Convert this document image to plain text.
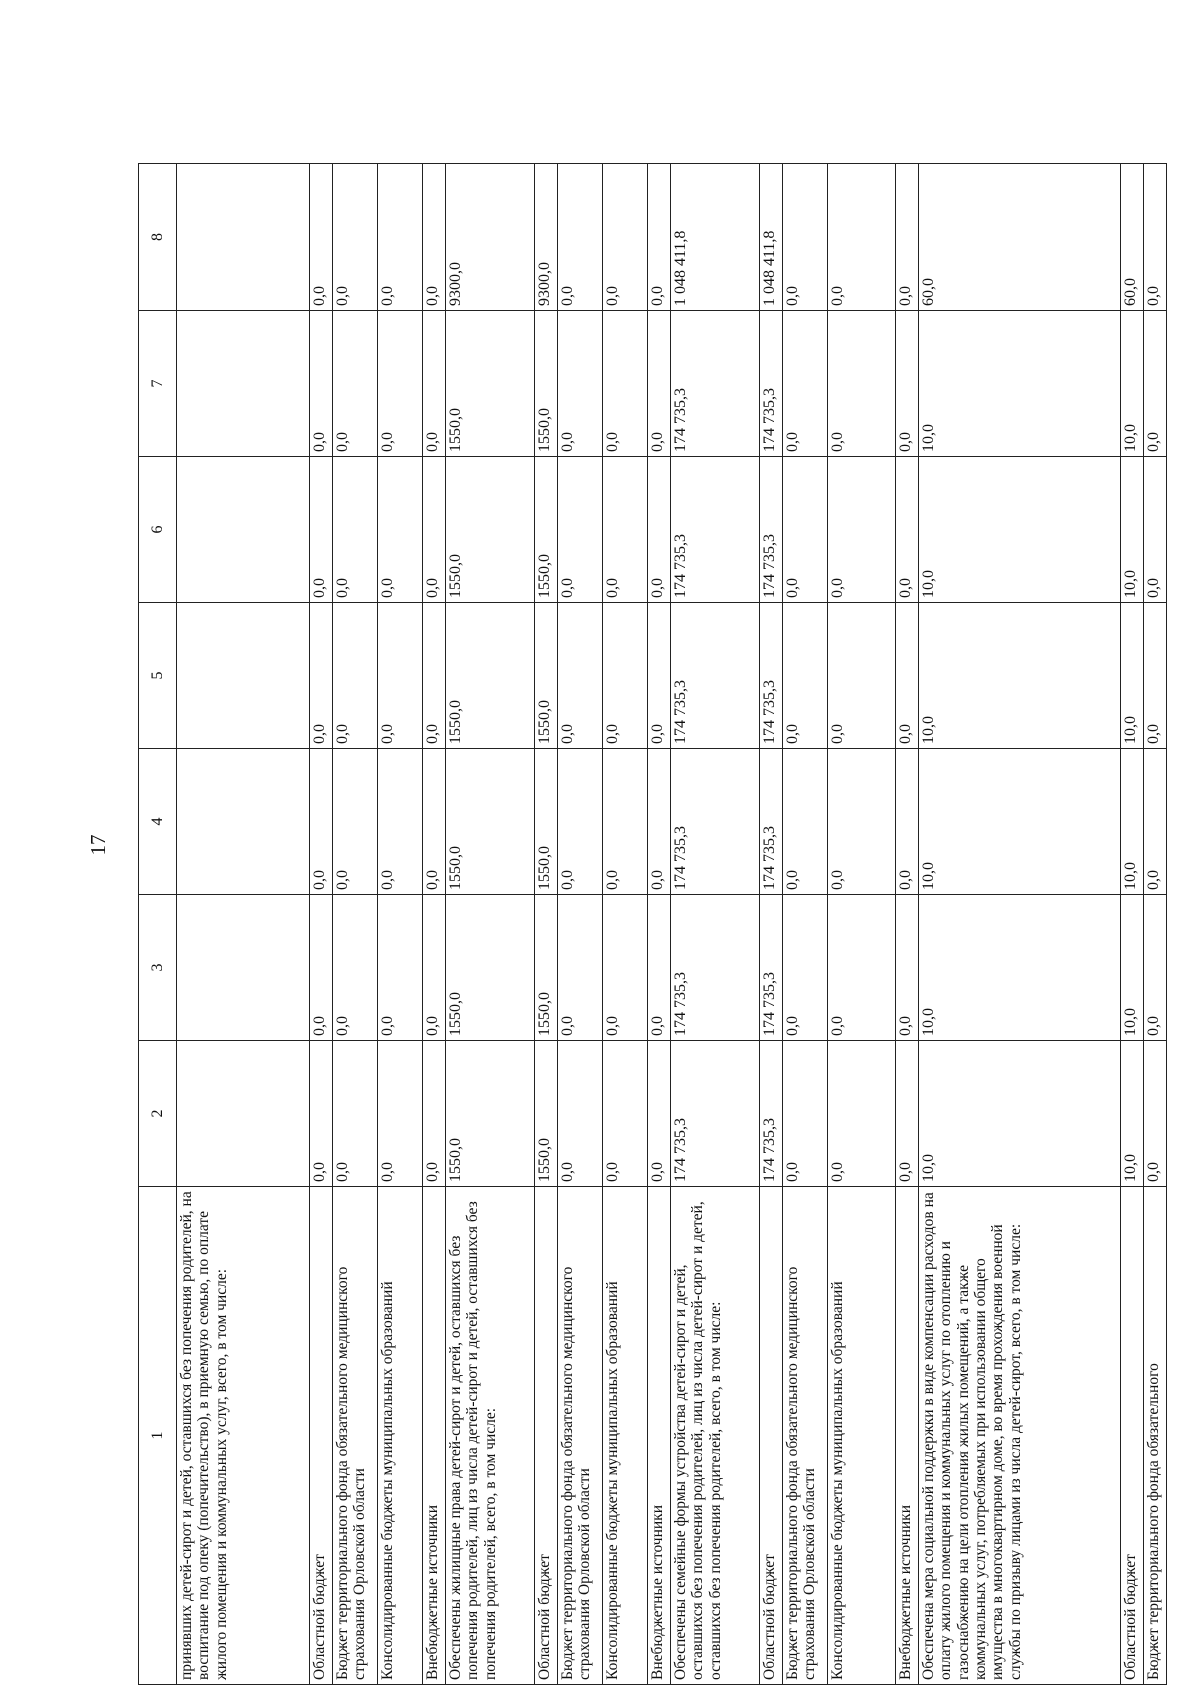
17
1	2	3	4	5	6	7	8
принявших детей-сирот и детей, оставшихся без попечения родителей, на воспитание под опеку (попечительство), в приемную семью, по оплате жилого помещения и коммунальных услуг, всего, в том числе:							
Областной бюджет	0,0	0,0	0,0	0,0	0,0	0,0	0,0
Бюджет территориального фонда обязательного медицинского страхования Орловской области	0,0	0,0	0,0	0,0	0,0	0,0	0,0
Консолидированные бюджеты муниципальных образований	0,0	0,0	0,0	0,0	0,0	0,0	0,0
Внебюджетные источники	0,0	0,0	0,0	0,0	0,0	0,0	0,0
Обеспечены жилищные права детей-сирот и детей, оставшихся без попечения родителей, лиц из числа детей-сирот и детей, оставшихся без попечения родителей, всего, в том числе:	1550,0	1550,0	1550,0	1550,0	1550,0	1550,0	9300,0
Областной бюджет	1550,0	1550,0	1550,0	1550,0	1550,0	1550,0	9300,0
Бюджет территориального фонда обязательного медицинского страхования Орловской области	0,0	0,0	0,0	0,0	0,0	0,0	0,0
Консолидированные бюджеты муниципальных образований	0,0	0,0	0,0	0,0	0,0	0,0	0,0
Внебюджетные источники	0,0	0,0	0,0	0,0	0,0	0,0	0,0
Обеспечены семейные формы устройства детей-сирот и детей, оставшихся без попечения родителей, лиц из числа детей-сирот и детей, оставшихся без попечения родителей, всего, в том числе:	174 735,3	174 735,3	174 735,3	174 735,3	174 735,3	174 735,3	1 048 411,8
Областной бюджет	174 735,3	174 735,3	174 735,3	174 735,3	174 735,3	174 735,3	1 048 411,8
Бюджет территориального фонда обязательного медицинского страхования Орловской области	0,0	0,0	0,0	0,0	0,0	0,0	0,0
Консолидированные бюджеты муниципальных образований	0,0	0,0	0,0	0,0	0,0	0,0	0,0
Внебюджетные источники	0,0	0,0	0,0	0,0	0,0	0,0	0,0
Обеспечена мера социальной поддержки в виде компенсации расходов на оплату жилого помещения и коммунальных услуг по отоплению и газоснабжению на цели отопления жилых помещений, а также коммунальных услуг, потребляемых при использовании общего имущества в многоквартирном доме, во время прохождения военной службы по призыву лицами из числа детей-сирот, всего, в том числе:	10,0	10,0	10,0	10,0	10,0	10,0	60,0
Областной бюджет	10,0	10,0	10,0	10,0	10,0	10,0	60,0
Бюджет территориального фонда обязательного	0,0	0,0	0,0	0,0	0,0	0,0	0,0
